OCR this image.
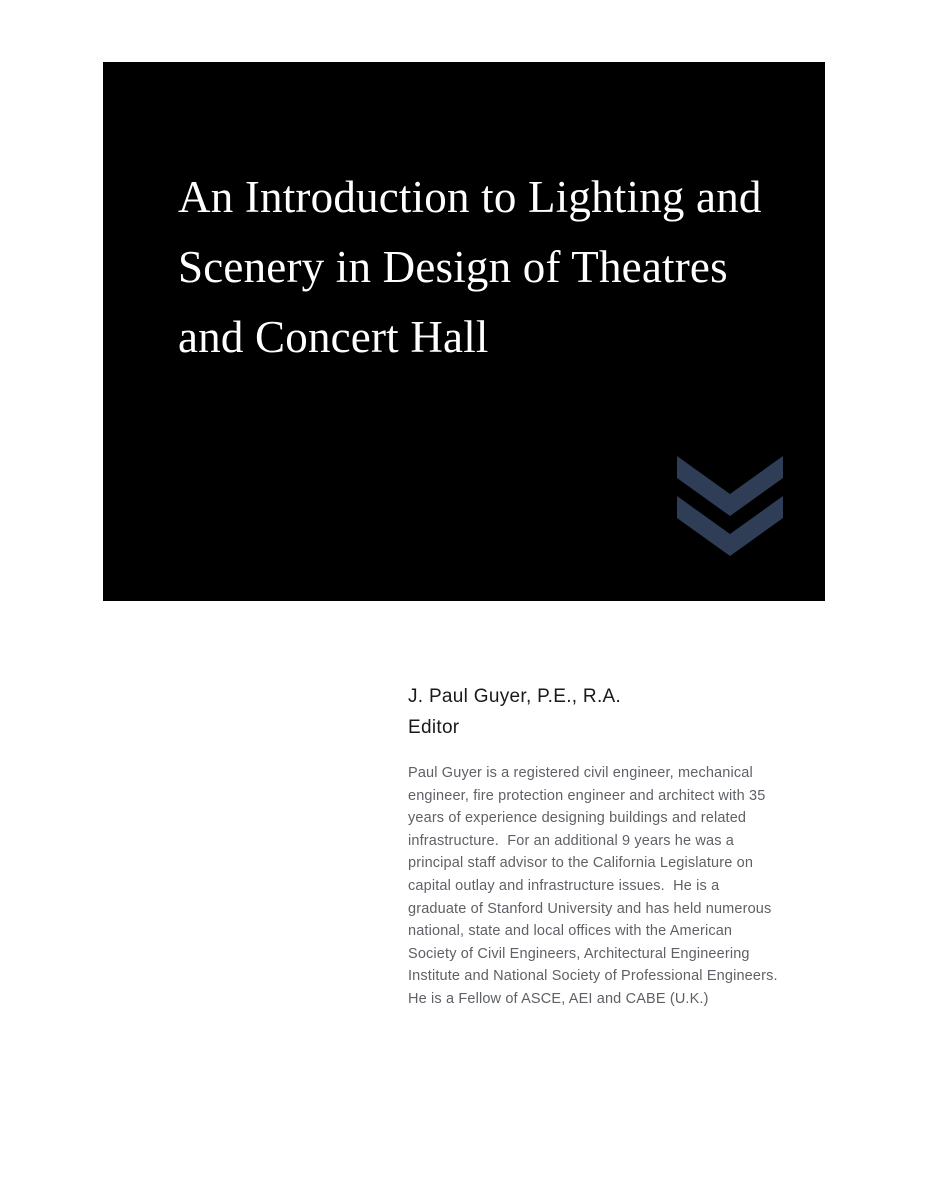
An Introduction to Lighting and Scenery in Design of Theatres and Concert Hall
J. Paul Guyer, P.E., R.A.
Editor
Paul Guyer is a registered civil engineer, mechanical engineer, fire protection engineer and architect with 35 years of experience designing buildings and related infrastructure.  For an additional 9 years he was a principal staff advisor to the California Legislature on capital outlay and infrastructure issues.  He is a graduate of Stanford University and has held numerous national, state and local offices with the American Society of Civil Engineers, Architectural Engineering Institute and National Society of Professional Engineers. He is a Fellow of ASCE, AEI and CABE (U.K.)
